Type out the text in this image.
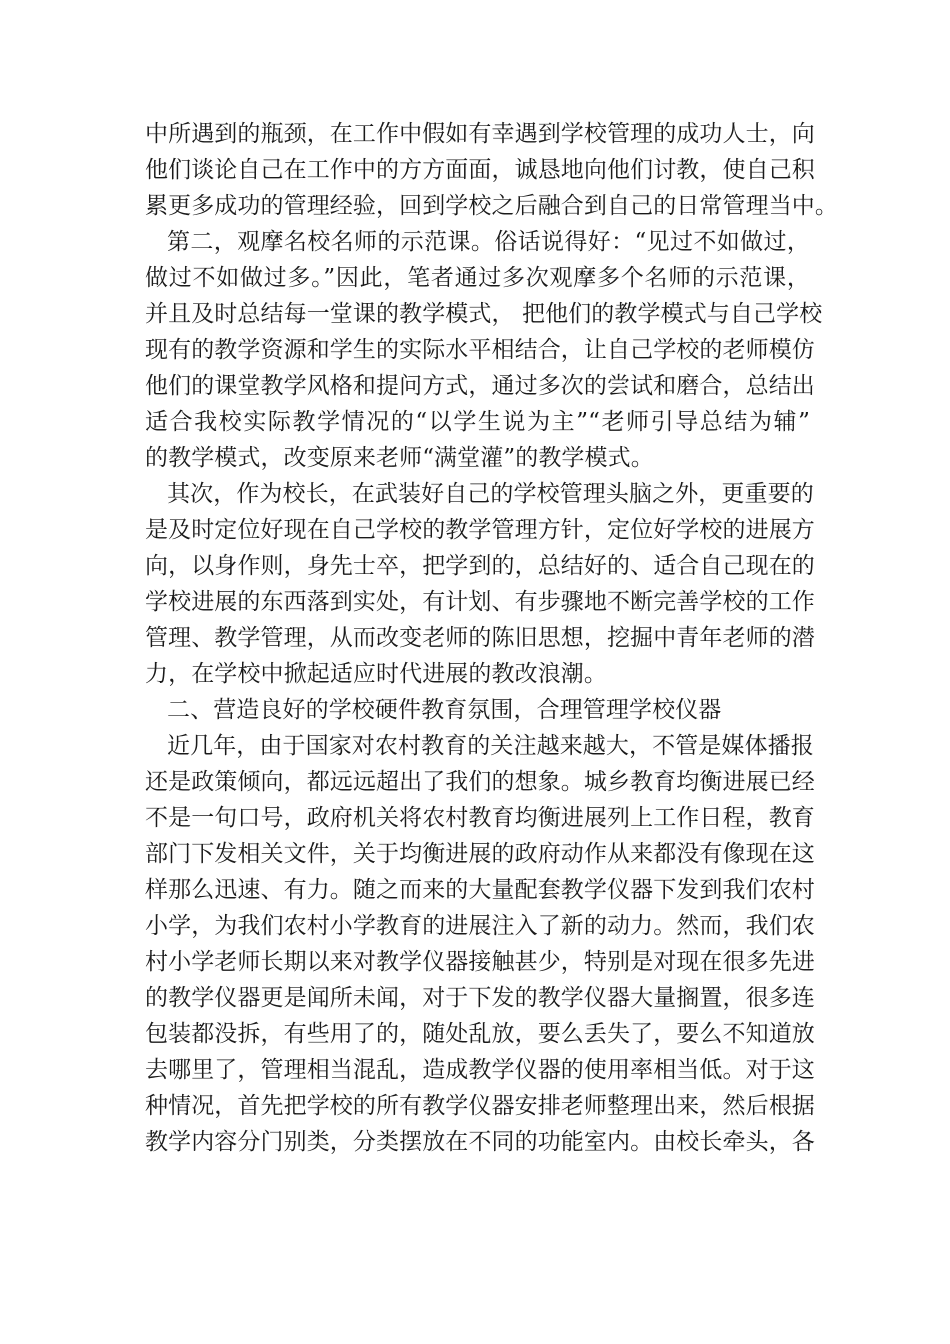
中所遇到的瓶颈，在工作中假如有幸遇到学校管理的成功人士，向
他们谈论自己在工作中的方方面面，诚恳地向他们讨教，使自己积
累更多成功的管理经验，回到学校之后融合到自己的日常管理当中。
第二，观摩名校名师的示范课。俗话说得好：“见过不如做过，
做过不如做过多。”因此，笔者通过多次观摩多个名师的示范课，
并且及时总结每一堂课的教学模式， 把他们的教学模式与自己学校
现有的教学资源和学生的实际水平相结合，让自己学校的老师模仿
他们的课堂教学风格和提问方式，通过多次的尝试和磨合，总结出
适合我校实际教学情况的“以学生说为主”“老师引导总结为辅”
的教学模式，改变原来老师“满堂灌”的教学模式。
其次，作为校长，在武装好自己的学校管理头脑之外，更重要的
是及时定位好现在自己学校的教学管理方针，定位好学校的进展方
向，以身作则，身先士卒，把学到的，总结好的、适合自己现在的
学校进展的东西落到实处，有计划、有步骤地不断完善学校的工作
管理、教学管理，从而改变老师的陈旧思想，挖掘中青年老师的潜
力，在学校中掀起适应时代进展的教改浪潮。
二、营造良好的学校硬件教育氛围，合理管理学校仪器
近几年，由于国家对农村教育的关注越来越大，不管是媒体播报
还是政策倾向，都远远超出了我们的想象。城乡教育均衡进展已经
不是一句口号，政府机关将农村教育均衡进展列上工作日程，教育
部门下发相关文件，关于均衡进展的政府动作从来都没有像现在这
样那么迅速、有力。随之而来的大量配套教学仪器下发到我们农村
小学，为我们农村小学教育的进展注入了新的动力。然而，我们农
村小学老师长期以来对教学仪器接触甚少，特别是对现在很多先进
的教学仪器更是闻所未闻，对于下发的教学仪器大量搁置，很多连
包装都没拆，有些用了的，随处乱放，要么丢失了，要么不知道放
去哪里了，管理相当混乱，造成教学仪器的使用率相当低。对于这
种情况，首先把学校的所有教学仪器安排老师整理出来，然后根据
教学内容分门别类，分类摆放在不同的功能室内。由校长牵头，各
